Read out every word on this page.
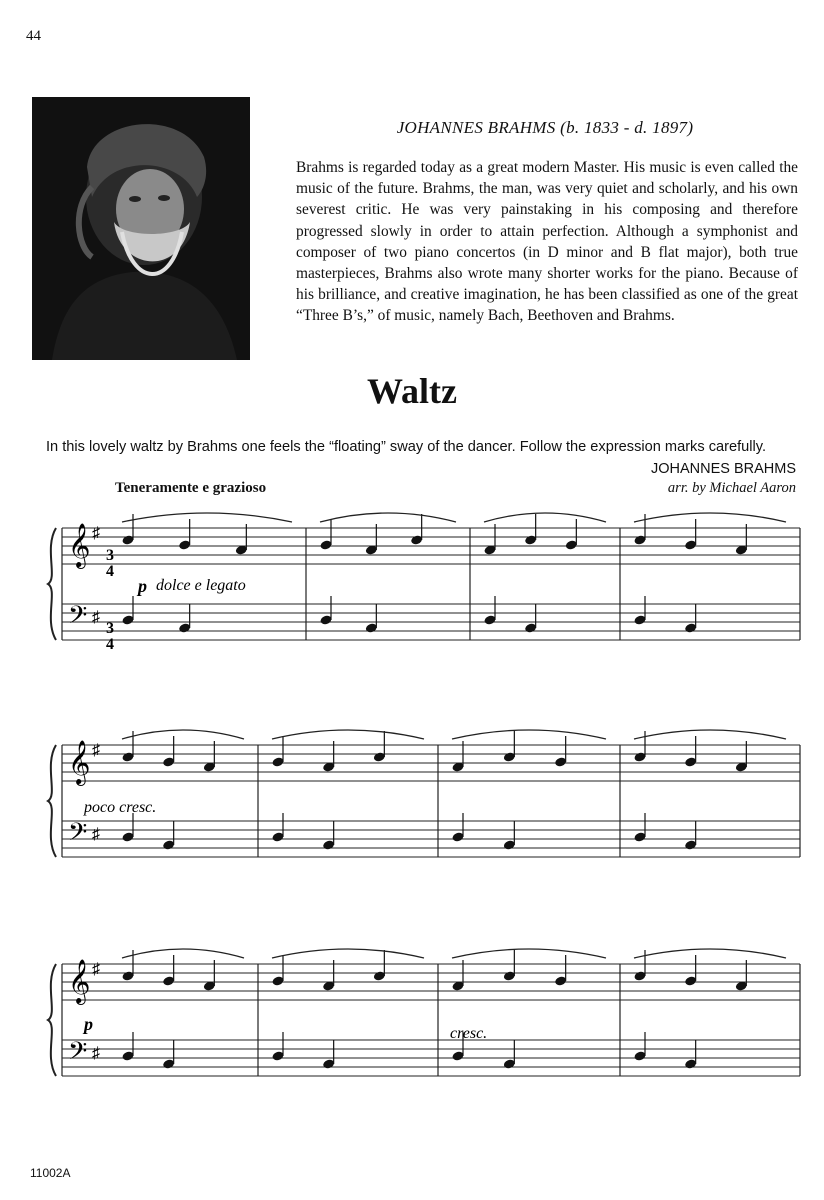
44
JOHANNES BRAHMS (b. 1833 - d. 1897)
Brahms is regarded today as a great modern Master. His music is even called the music of the future. Brahms, the man, was very quiet and scholarly, and his own severest critic. He was very painstaking in his composing and therefore progressed slowly in order to attain perfection. Although a symphonist and composer of two piano concertos (in D minor and B flat major), both true masterpieces, Brahms also wrote many shorter works for the piano. Because of his brilliance, and creative imagination, he has been classified as one of the great “Three B’s,” of music, namely Bach, Beethoven and Brahms.
Waltz
In this lovely waltz by Brahms one feels the “floating” sway of the dancer. Follow the expression marks carefully.
JOHANNES BRAHMS
arr. by Michael Aaron
Teneramente e grazioso
𝄞
𝄢
♯
♯
𝄞
𝄢
♯
♯
𝄞
𝄢
♯
♯
3
4
3
4
p dolce e legato
poco cresc.
p	cresc.
11002A
